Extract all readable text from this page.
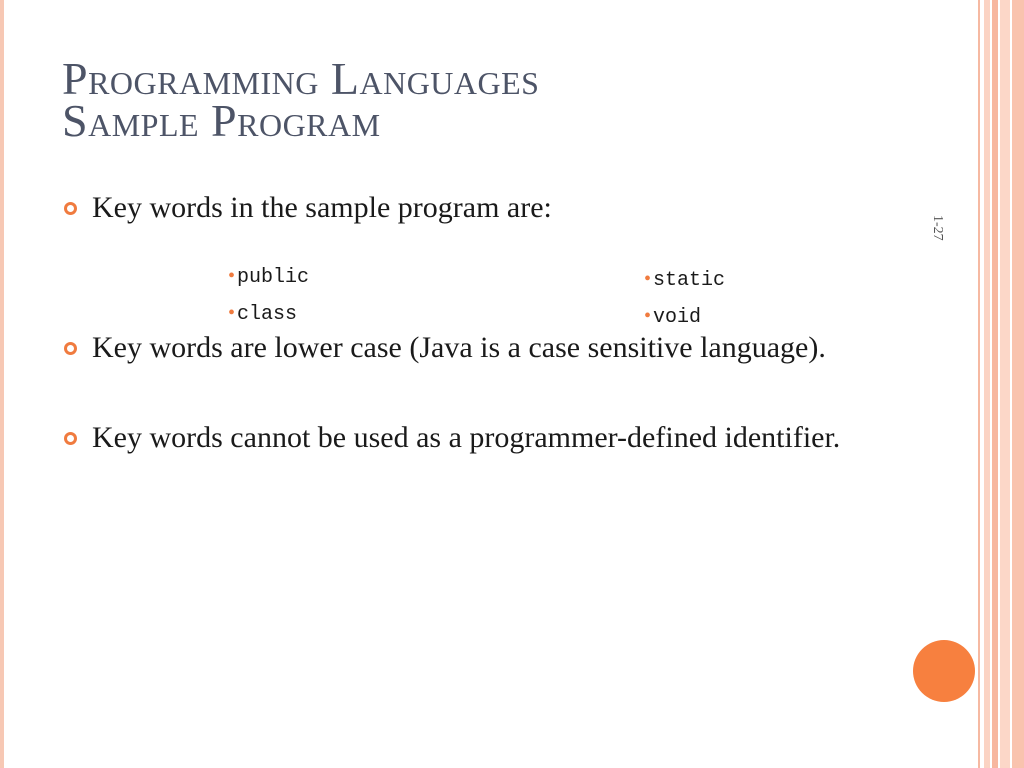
Programming Languages
Sample Program
1-27
Key words in the sample program are:
• public
• class
• static
• void
Key words are lower case (Java is a case sensitive language).
Key words cannot be used as a programmer-defined identifier.
